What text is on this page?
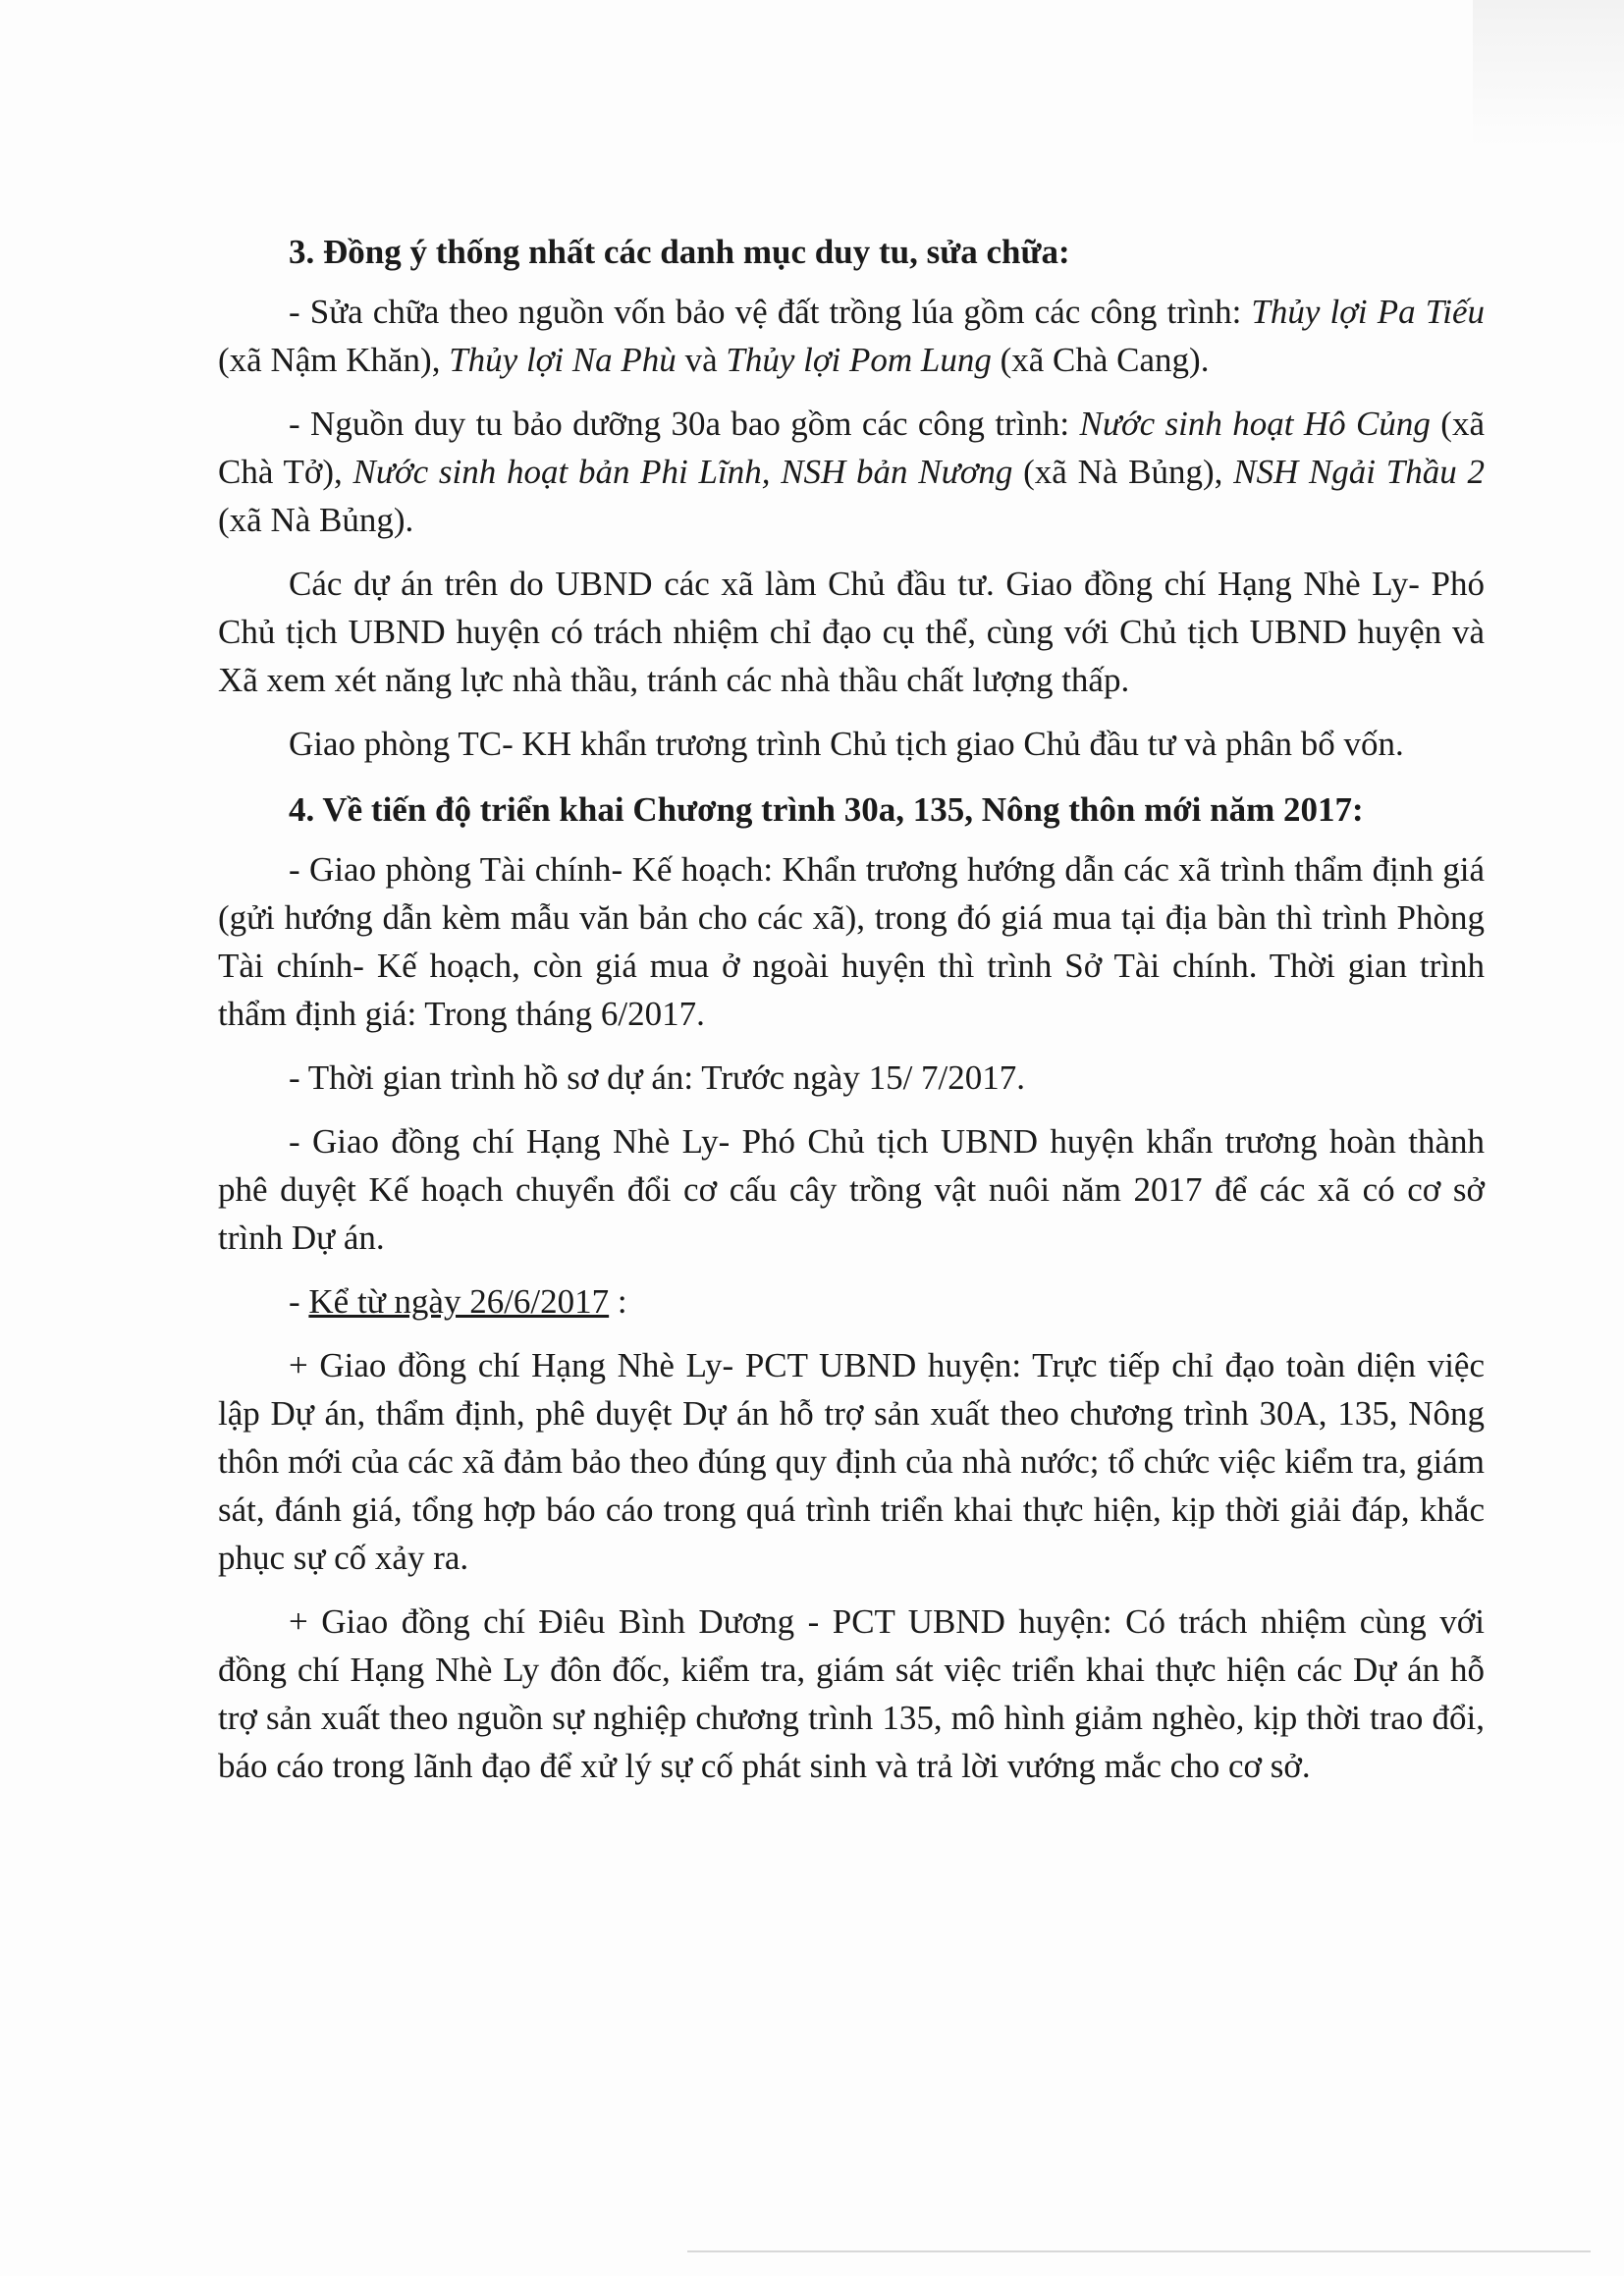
3. Đồng ý thống nhất các danh mục duy tu, sửa chữa:

- Sửa chữa theo nguồn vốn bảo vệ đất trồng lúa gồm các công trình: Thủy lợi Pa Tiếu (xã Nậm Khăn), Thủy lợi Na Phù và Thủy lợi Pom Lung (xã Chà Cang).

- Nguồn duy tu bảo dưỡng 30a bao gồm các công trình: Nước sinh hoạt Hô Củng (xã Chà Tở), Nước sinh hoạt bản Phi Lĩnh, NSH bản Nương (xã Nà Bủng), NSH Ngải Thầu 2 (xã Nà Bủng).

Các dự án trên do UBND các xã làm Chủ đầu tư. Giao đồng chí Hạng Nhè Ly- Phó Chủ tịch UBND huyện có trách nhiệm chỉ đạo cụ thể, cùng với Chủ tịch UBND huyện và Xã xem xét năng lực nhà thầu, tránh các nhà thầu chất lượng thấp.

Giao phòng TC- KH khẩn trương trình Chủ tịch giao Chủ đầu tư và phân bổ vốn.

4. Về tiến độ triển khai Chương trình 30a, 135, Nông thôn mới năm 2017:

- Giao phòng Tài chính- Kế hoạch: Khẩn trương hướng dẫn các xã trình thẩm định giá (gửi hướng dẫn kèm mẫu văn bản cho các xã), trong đó giá mua tại địa bàn thì trình Phòng Tài chính- Kế hoạch, còn giá mua ở ngoài huyện thì trình Sở Tài chính. Thời gian trình thẩm định giá: Trong tháng 6/2017.

- Thời gian trình hồ sơ dự án: Trước ngày 15/ 7/2017.

- Giao đồng chí Hạng Nhè Ly- Phó Chủ tịch UBND huyện khẩn trương hoàn thành phê duyệt Kế hoạch chuyển đổi cơ cấu cây trồng vật nuôi năm 2017 để các xã có cơ sở trình Dự án.

- Kể từ ngày 26/6/2017 :

+ Giao đồng chí Hạng Nhè Ly- PCT UBND huyện: Trực tiếp chỉ đạo toàn diện việc lập Dự án, thẩm định, phê duyệt Dự án hỗ trợ sản xuất theo chương trình 30A, 135, Nông thôn mới của các xã đảm bảo theo đúng quy định của nhà nước; tổ chức việc kiểm tra, giám sát, đánh giá, tổng hợp báo cáo trong quá trình triển khai thực hiện, kịp thời giải đáp, khắc phục sự cố xảy ra.

+ Giao đồng chí Điêu Bình Dương - PCT UBND huyện: Có trách nhiệm cùng với đồng chí Hạng Nhè Ly đôn đốc, kiểm tra, giám sát việc triển khai thực hiện các Dự án hỗ trợ sản xuất theo nguồn sự nghiệp chương trình 135, mô hình giảm nghèo, kịp thời trao đổi, báo cáo trong lãnh đạo để xử lý sự cố phát sinh và trả lời vướng mắc cho cơ sở.
